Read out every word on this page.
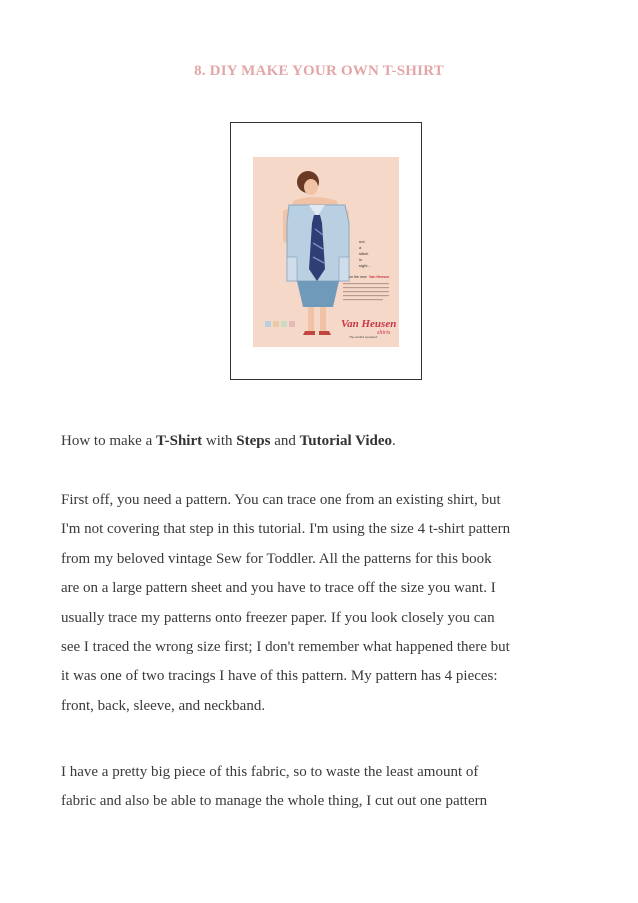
8. DIY MAKE YOUR OWN T-SHIRT
not
a
stitch
in
sight...
on the new Van Hensen
Van Heusen
shirts
"the world's smartest"
How to make a T-Shirt with Steps and Tutorial Video.
First off, you need a pattern. You can trace one from an existing shirt, but
I'm not covering that step in this tutorial. I'm using the size 4 t-shirt pattern
from my beloved vintage Sew for Toddler. All the patterns for this book
are on a large pattern sheet and you have to trace off the size you want. I
usually trace my patterns onto freezer paper. If you look closely you can
see I traced the wrong size first; I don't remember what happened there but
it was one of two tracings I have of this pattern. My pattern has 4 pieces:
front, back, sleeve, and neckband.
I have a pretty big piece of this fabric, so to waste the least amount of
fabric and also be able to manage the whole thing, I cut out one pattern
